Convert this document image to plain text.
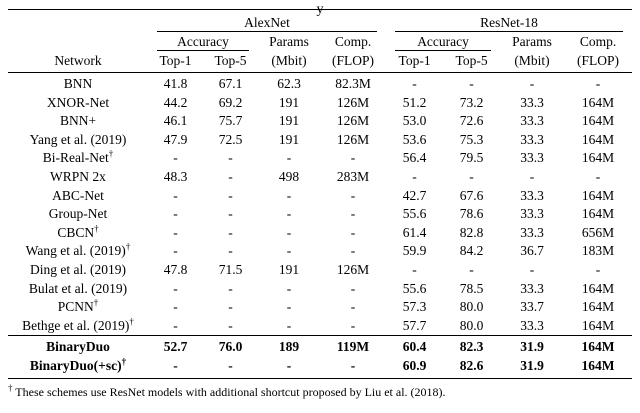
y
	AlexNet				ResNet-18			
	Accuracy		Params	Comp.	Accuracy		Params	Comp.
Network	Top-1	Top-5	(Mbit)	(FLOP)	Top-1	Top-5	(Mbit)	(FLOP)
BNN	41.8	67.1	62.3	82.3M	-	-	-	-
XNOR-Net	44.2	69.2	191	126M	51.2	73.2	33.3	164M
BNN+	46.1	75.7	191	126M	53.0	72.6	33.3	164M
Yang et al. (2019)	47.9	72.5	191	126M	53.6	75.3	33.3	164M
Bi-Real-Net†	-	-	-	-	56.4	79.5	33.3	164M
WRPN 2x	48.3	-	498	283M	-	-	-	-
ABC-Net	-	-	-	-	42.7	67.6	33.3	164M
Group-Net	-	-	-	-	55.6	78.6	33.3	164M
CBCN†	-	-	-	-	61.4	82.8	33.3	656M
Wang et al. (2019)†	-	-	-	-	59.9	84.2	36.7	183M
Ding et al. (2019)	47.8	71.5	191	126M	-	-	-	-
Bulat et al. (2019)	-	-	-	-	55.6	78.5	33.3	164M
PCNN†	-	-	-	-	57.3	80.0	33.7	164M
Bethge et al. (2019)†	-	-	-	-	57.7	80.0	33.3	164M
BinaryDuo	52.7	76.0	189	119M	60.4	82.3	31.9	164M
BinaryDuo(+sc)†	-	-	-	-	60.9	82.6	31.9	164M
† These schemes use ResNet models with additional shortcut proposed by Liu et al. (2018).
